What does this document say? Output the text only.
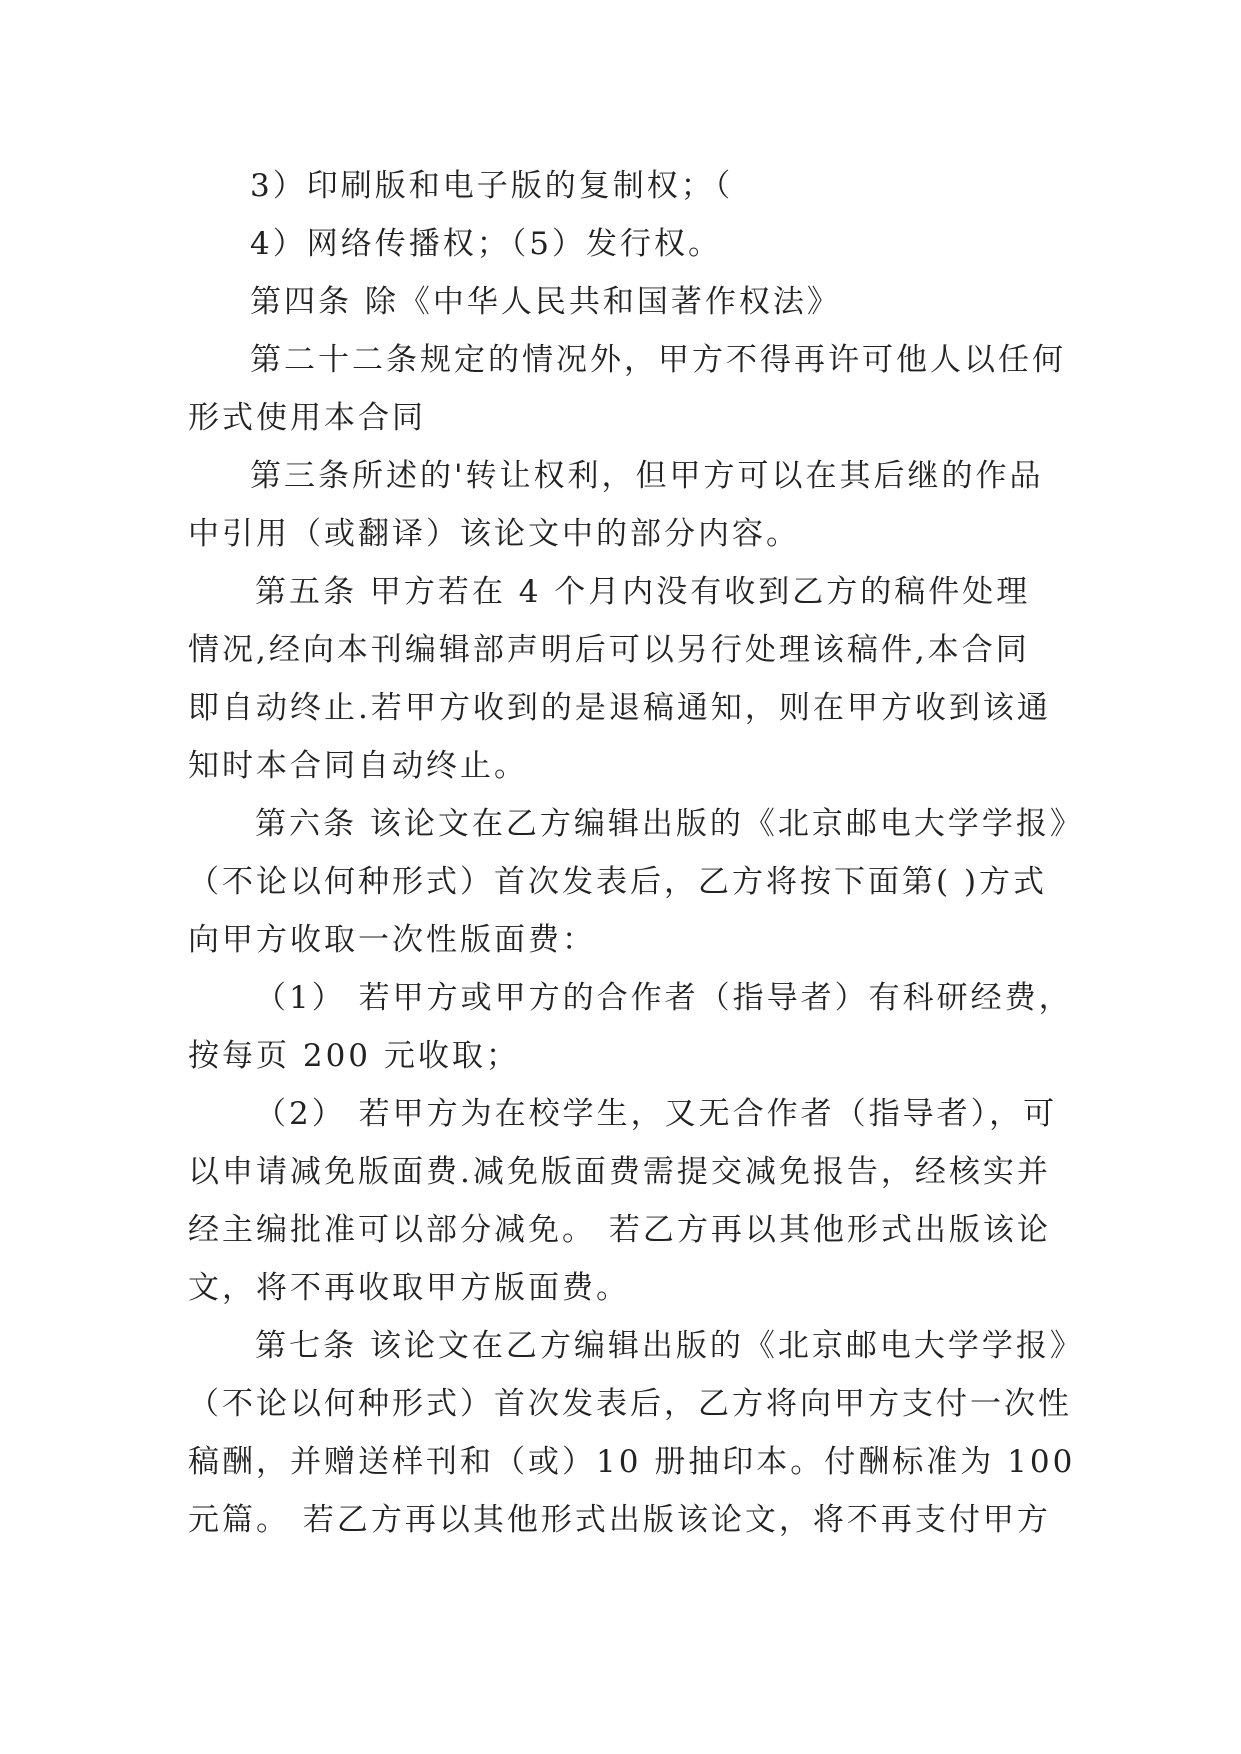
3）印刷版和电子版的复制权；（
4）网络传播权；（5）发行权。
第四条 除《中华人民共和国著作权法》
第二十二条规定的情况外，甲方不得再许可他人以任何
形式使用本合同
第三条所述的'转让权利，但甲方可以在其后继的作品
中引用（或翻译）该论文中的部分内容。
第五条 甲方若在 4 个月内没有收到乙方的稿件处理
情况,经向本刊编辑部声明后可以另行处理该稿件,本合同
即自动终止.若甲方收到的是退稿通知，则在甲方收到该通
知时本合同自动终止。
第六条 该论文在乙方编辑出版的《北京邮电大学学报》
（不论以何种形式）首次发表后，乙方将按下面第( )方式
向甲方收取一次性版面费：
（1） 若甲方或甲方的合作者（指导者）有科研经费，
按每页 200 元收取；
（2） 若甲方为在校学生，又无合作者（指导者），可
以申请减免版面费.减免版面费需提交减免报告，经核实并
经主编批准可以部分减免。 若乙方再以其他形式出版该论
文，将不再收取甲方版面费。
第七条 该论文在乙方编辑出版的《北京邮电大学学报》
（不论以何种形式）首次发表后，乙方将向甲方支付一次性
稿酬，并赠送样刊和（或）10 册抽印本。付酬标准为 100
元篇。 若乙方再以其他形式出版该论文，将不再支付甲方
